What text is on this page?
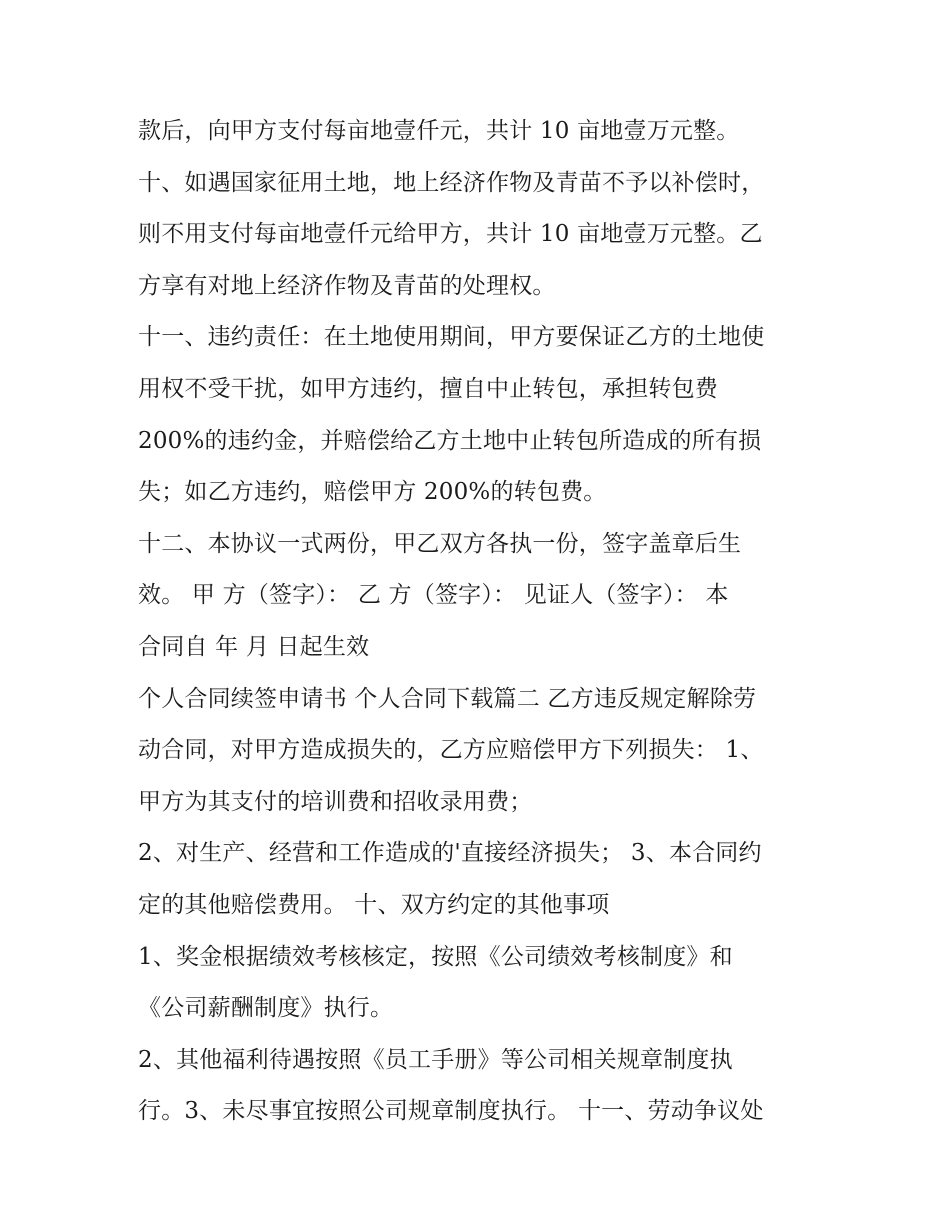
款后，向甲方支付每亩地壹仟元，共计 10 亩地壹万元整。
十、如遇国家征用土地，地上经济作物及青苗不予以补偿时，
则不用支付每亩地壹仟元给甲方，共计 10 亩地壹万元整。乙
方享有对地上经济作物及青苗的处理权。
十一、违约责任：在土地使用期间，甲方要保证乙方的土地使
用权不受干扰，如甲方违约，擅自中止转包，承担转包费
200%的违约金，并赔偿给乙方土地中止转包所造成的所有损
失；如乙方违约，赔偿甲方 200%的转包费。
十二、本协议一式两份，甲乙双方各执一份，签字盖章后生
效。 甲 方（签字）： 乙 方（签字）： 见证人（签字）： 本
合同自 年 月 日起生效
个人合同续签申请书 个人合同下载篇二 乙方违反规定解除劳
动合同，对甲方造成损失的，乙方应赔偿甲方下列损失： 1、
甲方为其支付的培训费和招收录用费；
2、对生产、经营和工作造成的'直接经济损失； 3、本合同约
定的其他赔偿费用。 十、双方约定的其他事项
1、奖金根据绩效考核核定，按照《公司绩效考核制度》和
《公司薪酬制度》执行。
2、其他福利待遇按照《员工手册》等公司相关规章制度执
行。3、未尽事宜按照公司规章制度执行。 十一、劳动争议处
